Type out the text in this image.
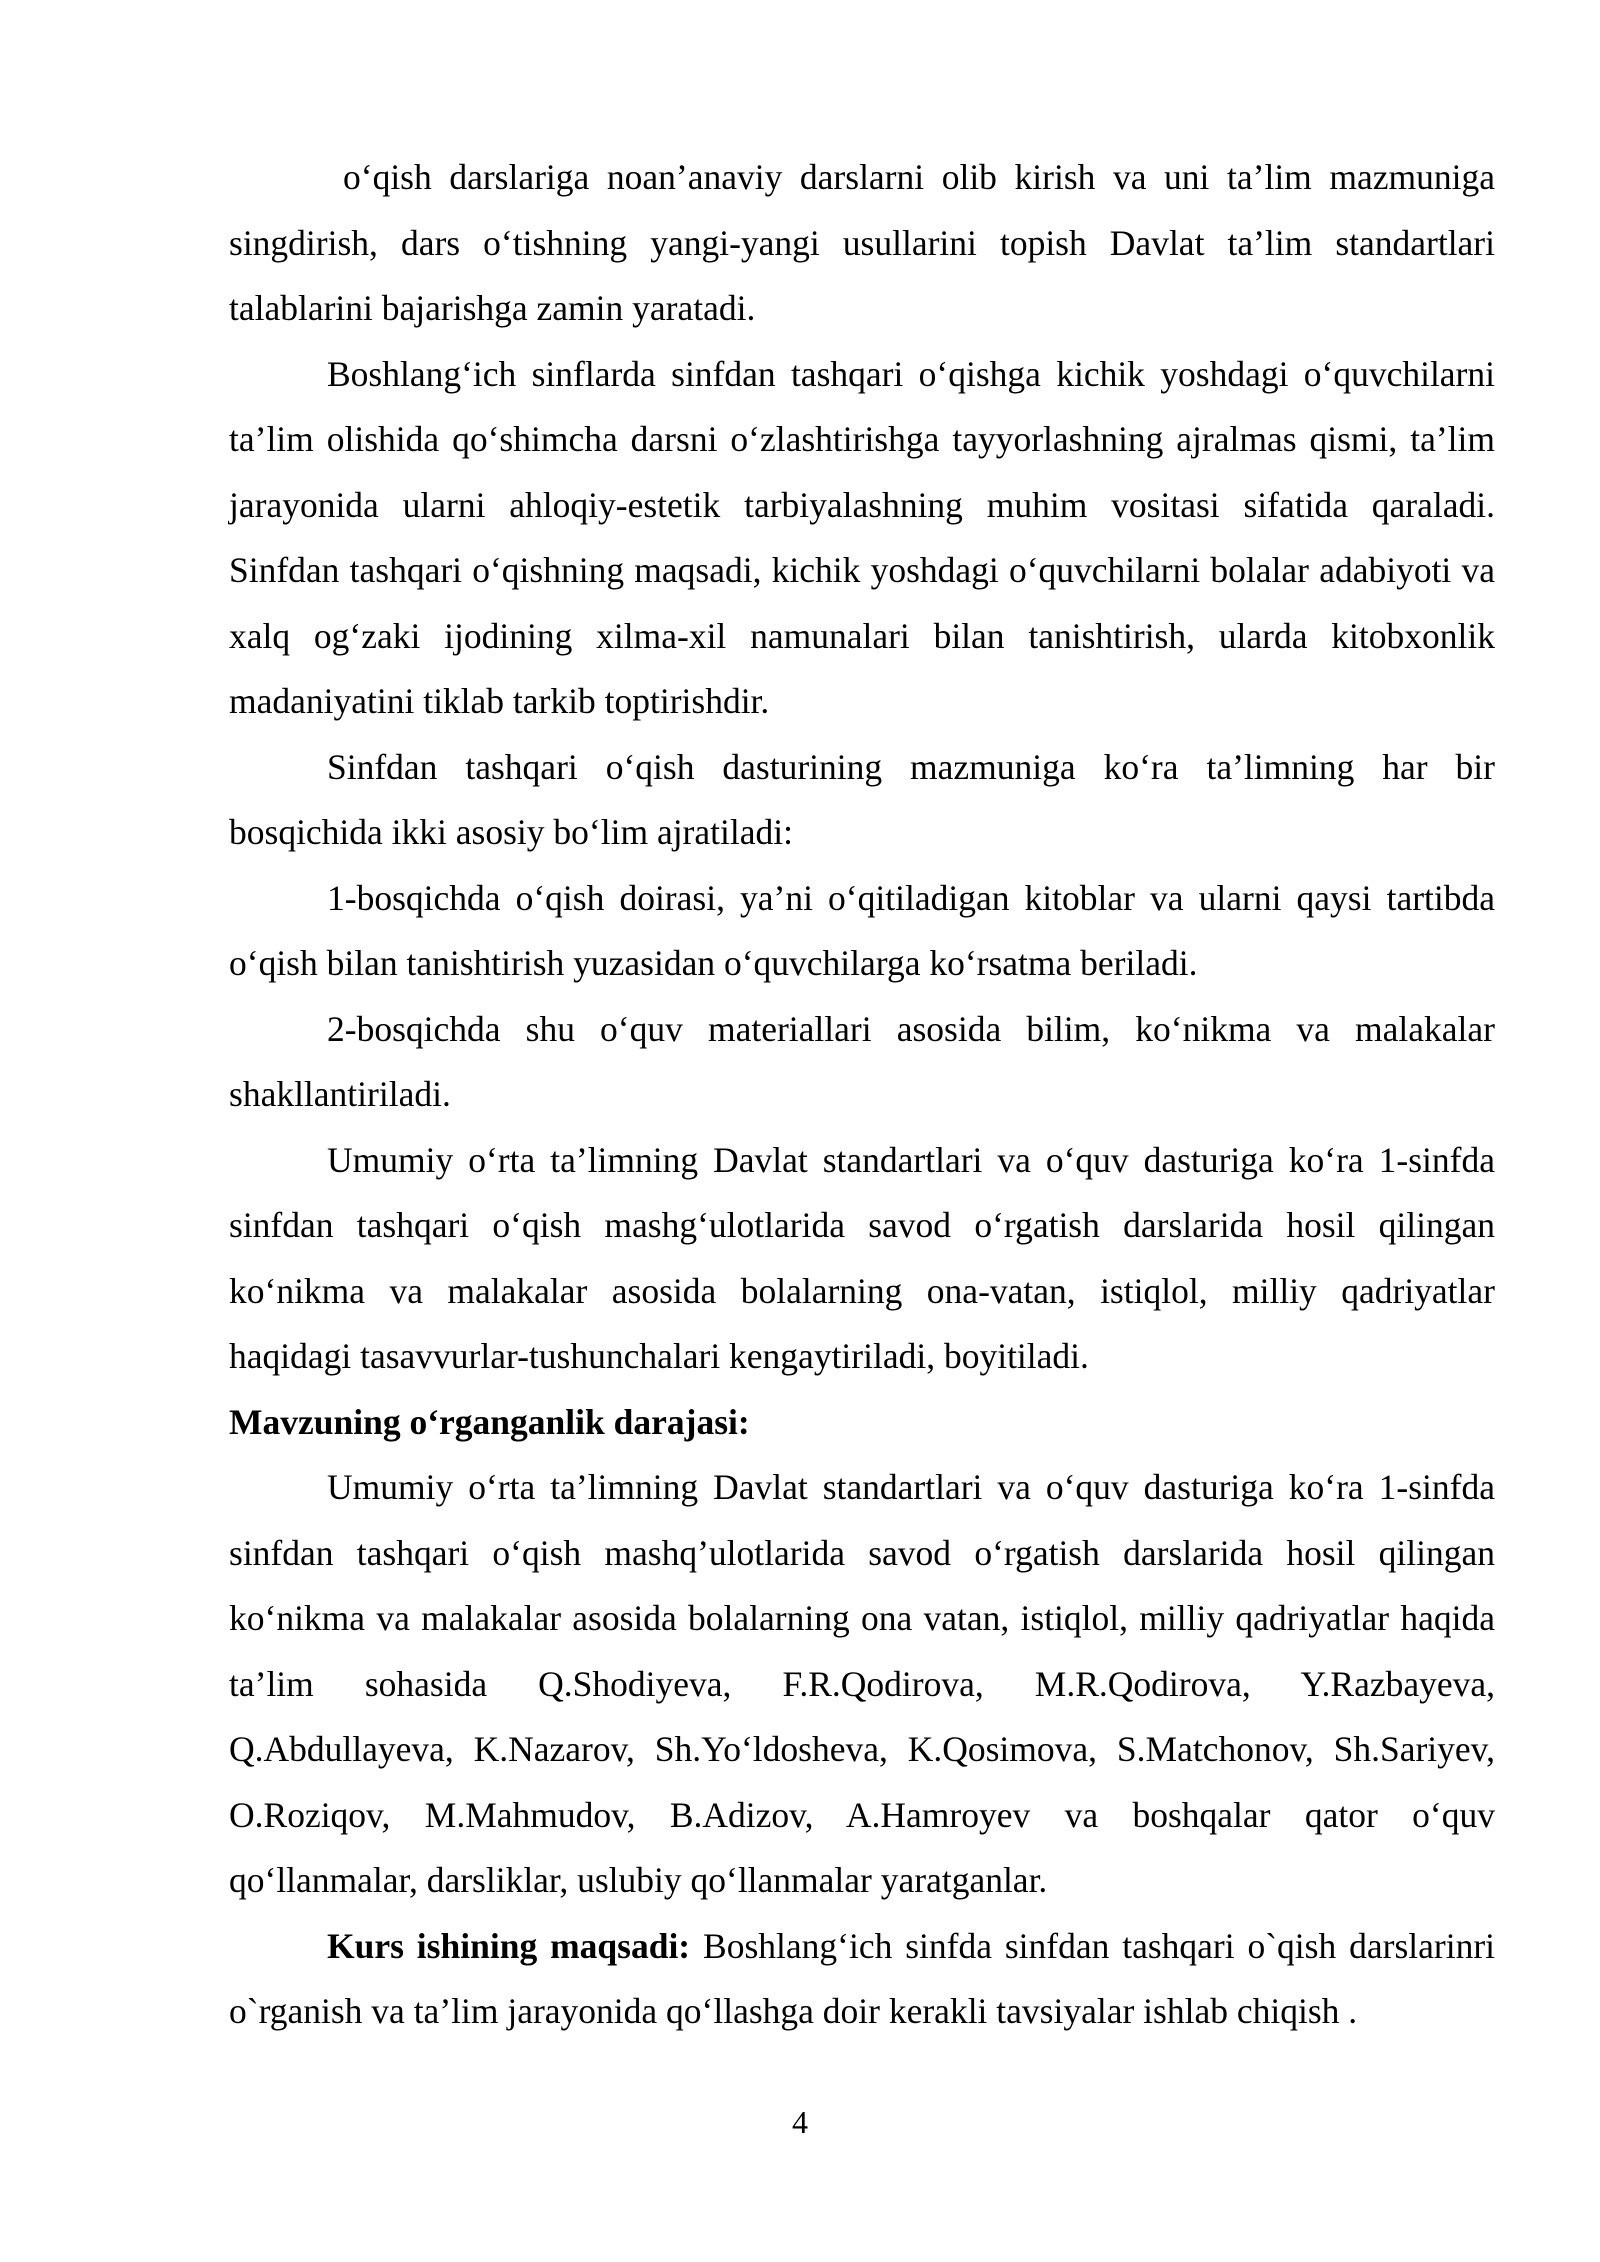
o‘qish darslariga noan’anaviy darslarni olib kirish va uni ta’lim mazmuniga singdirish, dars o‘tishning yangi-yangi usullarini topish Davlat ta’lim standartlari talablarini bajarishga zamin yaratadi.

Boshlang‘ich sinflarda sinfdan tashqari o‘qishga kichik yoshdagi o‘quvchilarni ta’lim olishida qo‘shimcha darsni o‘zlashtirishga tayyorlashning ajralmas qismi, ta’lim jarayonida ularni ahloqiy-estetik tarbiyalashning muhim vositasi sifatida qaraladi. Sinfdan tashqari o‘qishning maqsadi, kichik yoshdagi o‘quvchilarni bolalar adabiyoti va xalq og‘zaki ijodining xilma-xil namunalari bilan tanishtirish, ularda kitobxonlik madaniyatini tiklab tarkib toptirishdir.

Sinfdan tashqari o‘qish dasturining mazmuniga ko‘ra ta’limning har bir bosqichida ikki asosiy bo‘lim ajratiladi:

1-bosqichda o‘qish doirasi, ya’ni o‘qitiladigan kitoblar va ularni qaysi tartibda o‘qish bilan tanishtirish yuzasidan o‘quvchilarga ko‘rsatma beriladi.

2-bosqichda shu o‘quv materiallari asosida bilim, ko‘nikma va malakalar shakllantiriladi.

Umumiy o‘rta ta’limning Davlat standartlari va o‘quv dasturiga ko‘ra 1-sinfda sinfdan tashqari o‘qish mashg‘ulotlarida savod o‘rgatish darslarida hosil qilingan ko‘nikma va malakalar asosida bolalarning ona-vatan, istiqlol, milliy qadriyatlar haqidagi tasavvurlar-tushunchalari kengaytiriladi, boyitiladi.

Mavzuning o‘rganganlik darajasi:

Umumiy o‘rta ta’limning Davlat standartlari va o‘quv dasturiga ko‘ra 1-sinfda sinfdan tashqari o‘qish mashq’ulotlarida savod o‘rgatish darslarida hosil qilingan ko‘nikma va malakalar asosida bolalarning ona vatan, istiqlol, milliy qadriyatlar haqida ta’lim sohasida Q.Shodiyeva, F.R.Qodirova, M.R.Qodirova, Y.Razbayeva, Q.Abdullayeva, K.Nazarov, Sh.Yo‘ldosheva, K.Qosimova, S.Matchonov, Sh.Sariyev, O.Roziqov, M.Mahmudov, B.Adizov, A.Hamroyev va boshqalar qator o‘quv qo‘llanmalar, darsliklar, uslubiy qo‘llanmalar yaratganlar.

Kurs ishining maqsadi: Boshlang‘ich sinfda sinfdan tashqari o`qish darslarinri o`rganish va ta’lim jarayonida qo‘llashga doir kerakli tavsiyalar ishlab chiqish .

4
